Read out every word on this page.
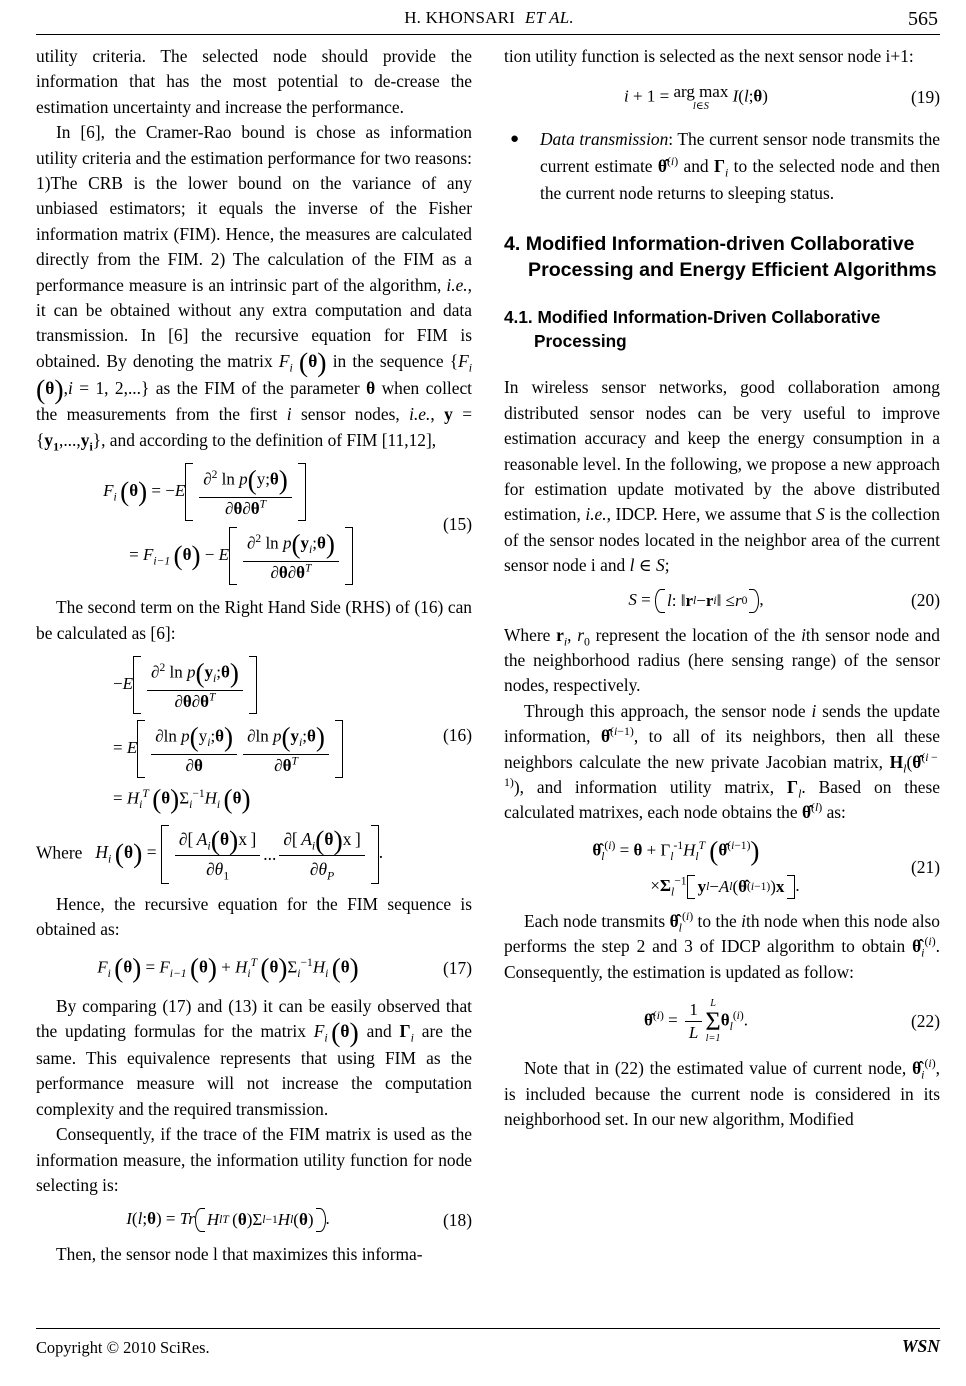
H. KHONSARI ET AL.	565

utility criteria. The selected node should provide the information that has the most potential to de-crease the estimation uncertainty and increase the performance.

In [6], the Cramer-Rao bound is chose as information utility criteria and the estimation performance for two reasons: 1)The CRB is the lower bound on the variance of any unbiased estimators; it equals the inverse of the Fisher information matrix (FIM). Hence, the measures are calculated directly from the FIM. 2) The calculation of the FIM as a performance measure is an intrinsic part of the algorithm, i.e., it can be obtained without any extra computation and data transmission. In [6] the recursive equation for FIM is obtained. By denoting the matrix $F_i$ (θ) in the sequence {$F_i$ (θ),i = 1, 2,...} as the FIM of the parameter θ when collect the measurements from the first i sensor nodes, i.e., $y = \{y_1,...,y_i\}$, and according to the definition of FIM [11,12],

$F_i$  $(\theta) = -E \frac{\partial^2 \ln p(y;\theta)}{\partial\theta\partial\theta^T}$
= $F_{i-1}$  (θ) − E $\frac{\partial^2 \ln p(y_i;\theta)}{\partial\theta\partial\theta^T}$
(15)

The second term on the Right Hand Side (RHS) of (16) can be calculated as [6]:

$-E \frac{\partial^2 \ln p(y_i;\theta)}{\partial\theta\partial\theta^T}$
= E $\frac{\partial\ln p(y_i;\theta)}{\partial\theta} \frac{\partial\ln p(y_i;\theta)}{\partial\theta^T}$
= $H_i^T$  $(\theta)\Sigma_i^{-1}H_i$  (θ)
(16)

Where $H_i$  $(\theta) = \frac{\partial[ A_i(\theta)x ]}{\partial\theta_1}$ ... $\frac{\partial[ A_i(\theta)x ]}{\partial\theta_P}$ .

Hence, the recursive equation for the FIM sequence is obtained as:

$F_i$  $(\theta) = F_{i-1}$  $(\theta) + H_i^T$  $(\theta)\Sigma_i^{-1}H_i$  (θ)	(17)

By comparing (17) and (13) it can be easily observed that the updating formulas for the matrix $F_i$  (θ) and $\Gamma_i$ are the same. This equivalence represents that using FIM as the performance measure will not increase the computation complexity and the required transmission.

Consequently, if the trace of the FIM matrix is used as the information measure, the information utility function for node selecting is:

I(l;θ) = Tr H l T  ( θ )Σ l −1 H l ( θ ) .	(18)

Then, the sensor node l that maximizes this informa-

tion utility function is selected as the next sensor node i+1:

i + 1 = arg max
l∈S
I(l;θ)	(19)
●	Data transmission: The current sensor node transmits the current estimate θ̂$^{(i)}$ and $\Gamma_i$ to the selected node and then the current node returns to sleeping status.
4. Modified Information-driven Collaborative Processing and Energy Efficient Algorithms
4.1. Modified Information-Driven Collaborative Processing

In wireless sensor networks, good collaboration among distributed sensor nodes can be very useful to improve estimation accuracy and keep the energy consumption in a reasonable level. In the following, we propose a new approach for estimation update motivated by the above distributed estimation, i.e., IDCP. Here, we assume that S is the collection of the sensor nodes located in the neighbor area of the current sensor node i and l ∈ S;

S = l : ‖ r l − r i ‖ ≤ r 0 ,	(20)

Where $r_i$, $r_0$ represent the location of the ith sensor node and the neighborhood radius (here sensing range) of the sensor nodes, respectively.

Through this approach, the sensor node i sends the update information, θ̂$^{(i-1)}$, to all of its neighbors, then all these neighbors calculate the new private Jacobian matrix, $H_l(\thetâ^{(i - 1)})$, and information utility matrix, $\Gamma_l$. Based on these calculated matrixes, each node obtains the θ̂$^{(l)}$ as:

$\thetâ_l^{(i)} = \theta + \Gamma_l^{-1}H_l^T$ (θ̂$^{(i-1)}$)
$\times\Sigma_l^{-1}$ y l − A l ( θ̂ (i−1) ) x .
(21)

Each node transmits $\thetâ_l^{(i)}$ to the ith node when this node also performs the step 2 and 3 of IDCP algorithm to obtain $\thetâ_i^{(i)}$. Consequently, the estimation is updated as follow:

θ̂$^{(i)}$ = $\frac{1}{L}$ L
Σ
l=1
$\theta_l^{(i)}$.	(22)

Note that in (22) the estimated value of current node, $\thetâ_i^{(i)}$, is included because the current node is considered in its neighborhood set. In our new algorithm, Modified

Copyright © 2010 SciRes.	WSN
